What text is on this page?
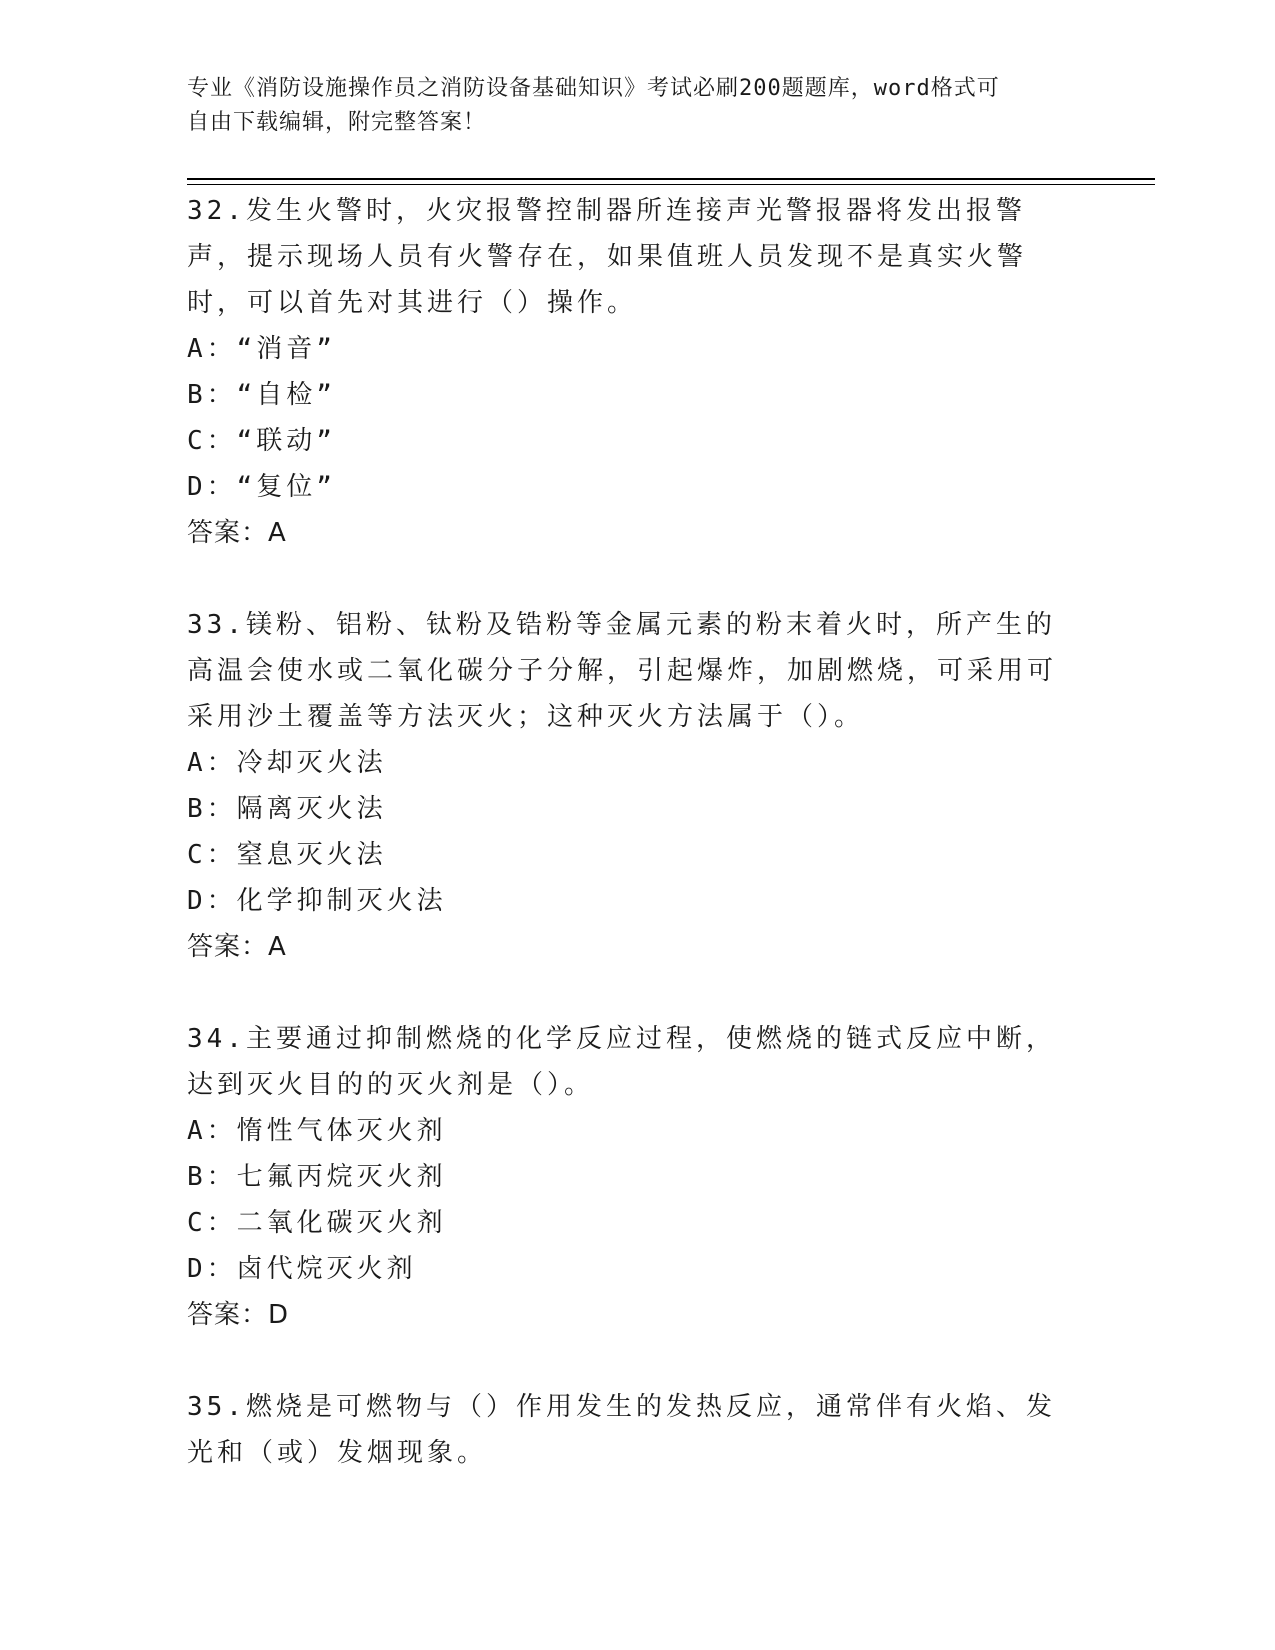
专业《消防设施操作员之消防设备基础知识》考试必刷200题题库，word格式可
自由下载编辑，附完整答案！

32.发生火警时，火灾报警控制器所连接声光警报器将发出报警声，提示现场人员有火警存在，如果值班人员发现不是真实火警时，可以首先对其进行（）操作。

A：“消音”

B：“自检”

C：“联动”

D：“复位”

答案：A

33.镁粉、铝粉、钛粉及锆粉等金属元素的粉末着火时，所产生的高温会使水或二氧化碳分子分解，引起爆炸，加剧燃烧，可采用可采用沙土覆盖等方法灭火；这种灭火方法属于（）。

A：冷却灭火法

B：隔离灭火法

C：窒息灭火法

D：化学抑制灭火法

答案：A

34.主要通过抑制燃烧的化学反应过程，使燃烧的链式反应中断，达到灭火目的的灭火剂是（）。

A：惰性气体灭火剂

B：七氟丙烷灭火剂

C：二氧化碳灭火剂

D：卤代烷灭火剂

答案：D

35.燃烧是可燃物与（）作用发生的发热反应，通常伴有火焰、发光和（或）发烟现象。
